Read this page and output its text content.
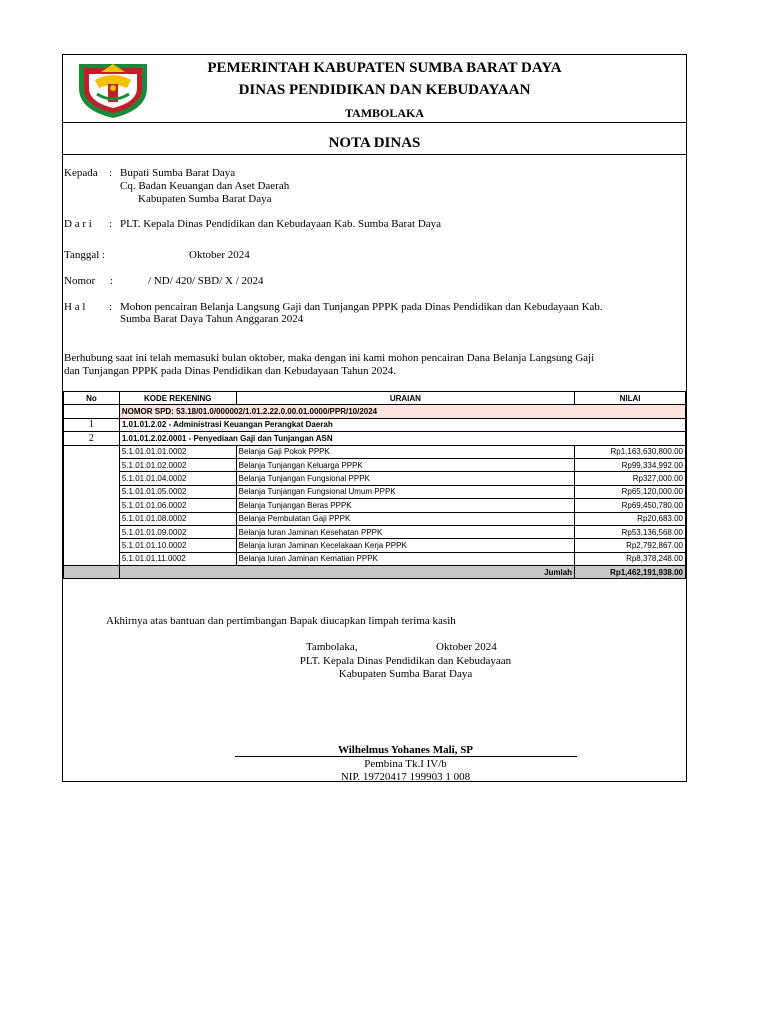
PEMERINTAH KABUPATEN SUMBA BARAT DAYA
DINAS PENDIDIKAN DAN KEBUDAYAAN
TAMBOLAKA
NOTA DINAS
Kepada : Bupati Sumba Barat Daya
Cq. Badan Keuangan dan Aset Daerah
Kabupaten Sumba Barat Daya
D a r i : PLT. Kepala Dinas Pendidikan dan Kebudayaan Kab. Sumba Barat Daya
Tanggal :	Oktober 2024
Nomor :	/ ND/ 420/ SBD/ X / 2024
H a l : Mohon pencairan Belanja Langsung Gaji dan Tunjangan PPPK pada Dinas Pendidikan dan Kebudayaan Kab.
Sumba Barat Daya Tahun Anggaran 2024
Berhubung saat ini telah memasuki bulan oktober, maka dengan ini kami mohon pencairan Dana Belanja Langsung Gaji
dan Tunjangan PPPK pada Dinas Pendidikan dan Kebudayaan Tahun 2024.
No	KODE REKENING	URAIAN	NILAI
	NOMOR SPD: 53.18/01.0/000002/1.01.2.22.0.00.01.0000/PPR/10/2024		
1	1.01.01.2.02 - Administrasi Keuangan Perangkat Daerah		
2	1.01.01.2.02.0001 - Penyediaan Gaji dan Tunjangan ASN		
	5.1.01.01.01.0002	Belanja Gaji Pokok PPPK	Rp1,163,630,800.00
	5.1.01.01.02.0002	Belanja Tunjangan Keluarga PPPK	Rp99,334,992.00
	5.1.01.01.04.0002	Belanja Tunjangan Fungsional PPPK	Rp327,000.00
	5.1.01.01.05.0002	Belanja Tunjangan Fungsional Umum PPPK	Rp65,120,000.00
	5.1.01.01.06.0002	Belanja Tunjangan Beras PPPK	Rp69,450,780.00
	5.1.01.01.08.0002	Belanja Pembulatan Gaji PPPK	Rp20,683.00
	5.1.01.01.09.0002	Belanja Iuran Jaminan Kesehatan PPPK	Rp53,136,568.00
	5.1.01.01.10.0002	Belanja Iuran Jaminan Kecelakaan Kerja PPPK	Rp2,792,867.00
	5.1.01.01.11.0002	Belanja Iuran Jaminan Kematian PPPK	Rp8,378,248.00
	Jumlah		Rp1,462,191,938.00
Akhirnya atas bantuan dan pertimbangan Bapak diucapkan limpah terima kasih
Tambolaka,	Oktober 2024
PLT. Kepala Dinas Pendidikan dan Kebudayaan
Kabupaten Sumba Barat Daya
Wilhelmus Yohanes Mali, SP
Pembina Tk.I IV/b
NIP. 19720417 199903 1 008
